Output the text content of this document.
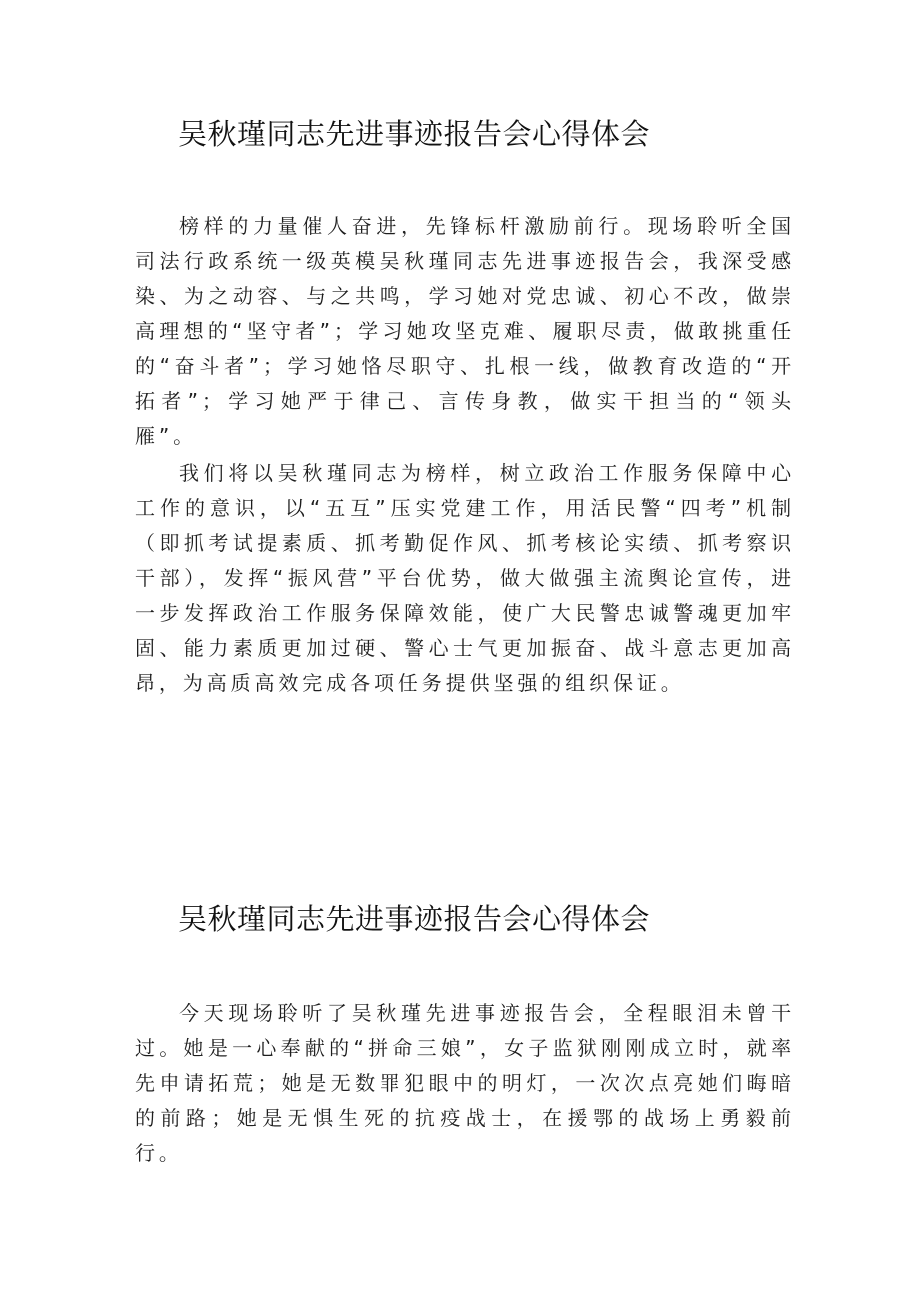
吴秋瑾同志先进事迹报告会心得体会

榜样的力量催人奋进，先锋标杆激励前行。现场聆听全国司法行政系统一级英模吴秋瑾同志先进事迹报告会，我深受感染、为之动容、与之共鸣，学习她对党忠诚、初心不改，做崇高理想的“坚守者”；学习她攻坚克难、履职尽责，做敢挑重任的“奋斗者”；学习她恪尽职守、扎根一线，做教育改造的“开拓者”；学习她严于律己、言传身教，做实干担当的“领头雁”。

我们将以吴秋瑾同志为榜样，树立政治工作服务保障中心工作的意识，以“五互”压实党建工作，用活民警“四考”机制（即抓考试提素质、抓考勤促作风、抓考核论实绩、抓考察识干部），发挥“振风营”平台优势，做大做强主流舆论宣传，进一步发挥政治工作服务保障效能，使广大民警忠诚警魂更加牢固、能力素质更加过硬、警心士气更加振奋、战斗意志更加高昂，为高质高效完成各项任务提供坚强的组织保证。

吴秋瑾同志先进事迹报告会心得体会

今天现场聆听了吴秋瑾先进事迹报告会，全程眼泪未曾干过。她是一心奉献的“拼命三娘”，女子监狱刚刚成立时，就率先申请拓荒；她是无数罪犯眼中的明灯，一次次点亮她们晦暗的前路；她是无惧生死的抗疫战士，在援鄂的战场上勇毅前行。
